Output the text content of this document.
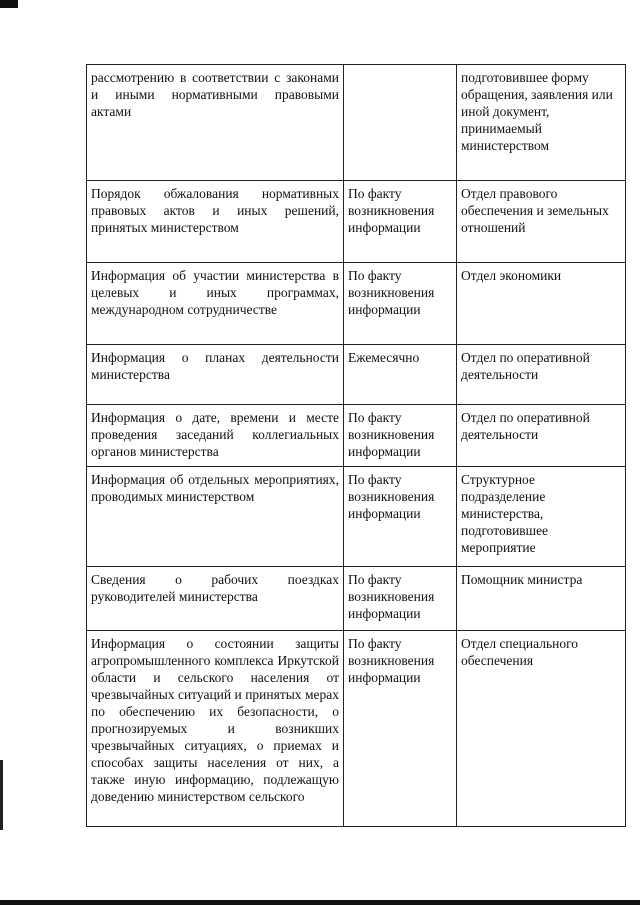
рассмотрению в соответствии с законами и иными нормативными правовыми актами		подготовившее форму обращения, заявления или иной документ, принимаемый министерством
Порядок обжалования нормативных правовых актов и иных решений, принятых министерством	По факту возникновения информации	Отдел правового обеспечения и земельных отношений
Информация об участии министерства в целевых и иных программах, международном сотрудничестве	По факту возникновения информации	Отдел экономики
Информация о планах деятельности министерства	Ежемесячно	Отдел по оперативной деятельности
Информация о дате, времени и месте проведения заседаний коллегиальных органов министерства	По факту возникновения информации	Отдел по оперативной деятельности
Информация об отдельных мероприятиях, проводимых министерством	По факту возникновения информации	Структурное подразделение министерства, подготовившее мероприятие
Сведения о рабочих поездках руководителей министерства	По факту возникновения информации	Помощник министра
Информация о состоянии защиты агропромышленного комплекса Иркутской области и сельского населения от чрезвычайных ситуаций и принятых мерах по обеспечению их безопасности, о прогнозируемых и возникших чрезвычайных ситуациях, о приемах и способах защиты населения от них, а также иную информацию, подлежащую доведению министерством сельского	По факту возникновения информации	Отдел специального обеспечения
